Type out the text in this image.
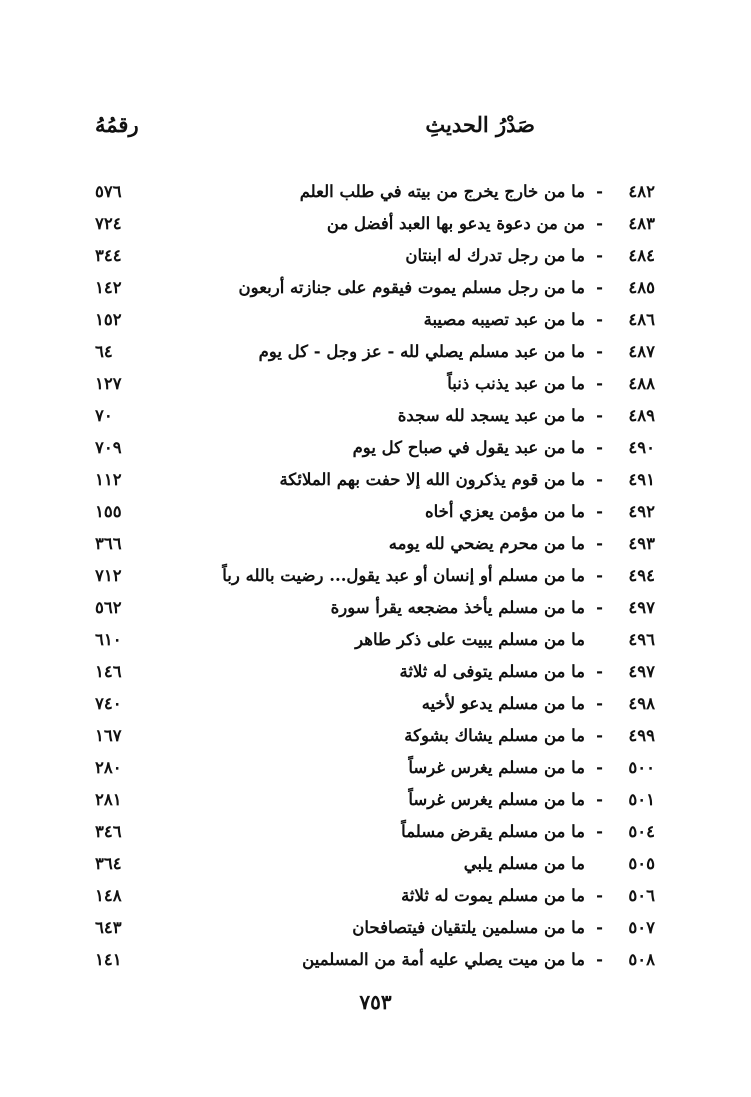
صَدْرُ الحديثِ
رقمُهُ
٤٨٢
-
ما من خارج يخرج من بيته في طلب العلم
٥٧٦
٤٨٣
-
من من دعوة يدعو بها العبد أفضل من
٧٢٤
٤٨٤
-
ما من رجل تدرك له ابنتان
٣٤٤
٤٨٥
-
ما من رجل مسلم يموت فيقوم على جنازته أربعون
١٤٢
٤٨٦
-
ما من عبد تصيبه مصيبة
١٥٢
٤٨٧
-
ما من عبد مسلم يصلي لله - عز وجل - كل يوم
٦٤
٤٨٨
-
ما من عبد يذنب ذنباً
١٢٧
٤٨٩
-
ما من عبد يسجد لله سجدة
٧٠
٤٩٠
-
ما من عبد يقول في صباح كل يوم
٧٠٩
٤٩١
-
ما من قوم يذكرون الله إلا حفت بهم الملائكة
١١٢
٤٩٢
-
ما من مؤمن يعزي أخاه
١٥٥
٤٩٣
-
ما من محرم يضحي لله يومه
٣٦٦
٤٩٤
-
ما من مسلم أو إنسان أو عبد يقول... رضيت بالله رباً
٧١٢
٤٩٧
-
ما من مسلم يأخذ مضجعه يقرأ سورة
٥٦٢
٤٩٦
ما من مسلم يبيت على ذكر طاهر
٦١٠
٤٩٧
-
ما من مسلم يتوفى له ثلاثة
١٤٦
٤٩٨
-
ما من مسلم يدعو لأخيه
٧٤٠
٤٩٩
-
ما من مسلم يشاك بشوكة
١٦٧
٥٠٠
-
ما من مسلم يغرس غرساً
٢٨٠
٥٠١
-
ما من مسلم يغرس غرساً
٢٨١
٥٠٤
-
ما من مسلم يقرض مسلماً
٣٤٦
٥٠٥
ما من مسلم يلبي
٣٦٤
٥٠٦
-
ما من مسلم يموت له ثلاثة
١٤٨
٥٠٧
-
ما من مسلمين يلتقيان فيتصافحان
٦٤٣
٥٠٨
-
ما من ميت يصلي عليه أمة من المسلمين
١٤١
٧٥٣
